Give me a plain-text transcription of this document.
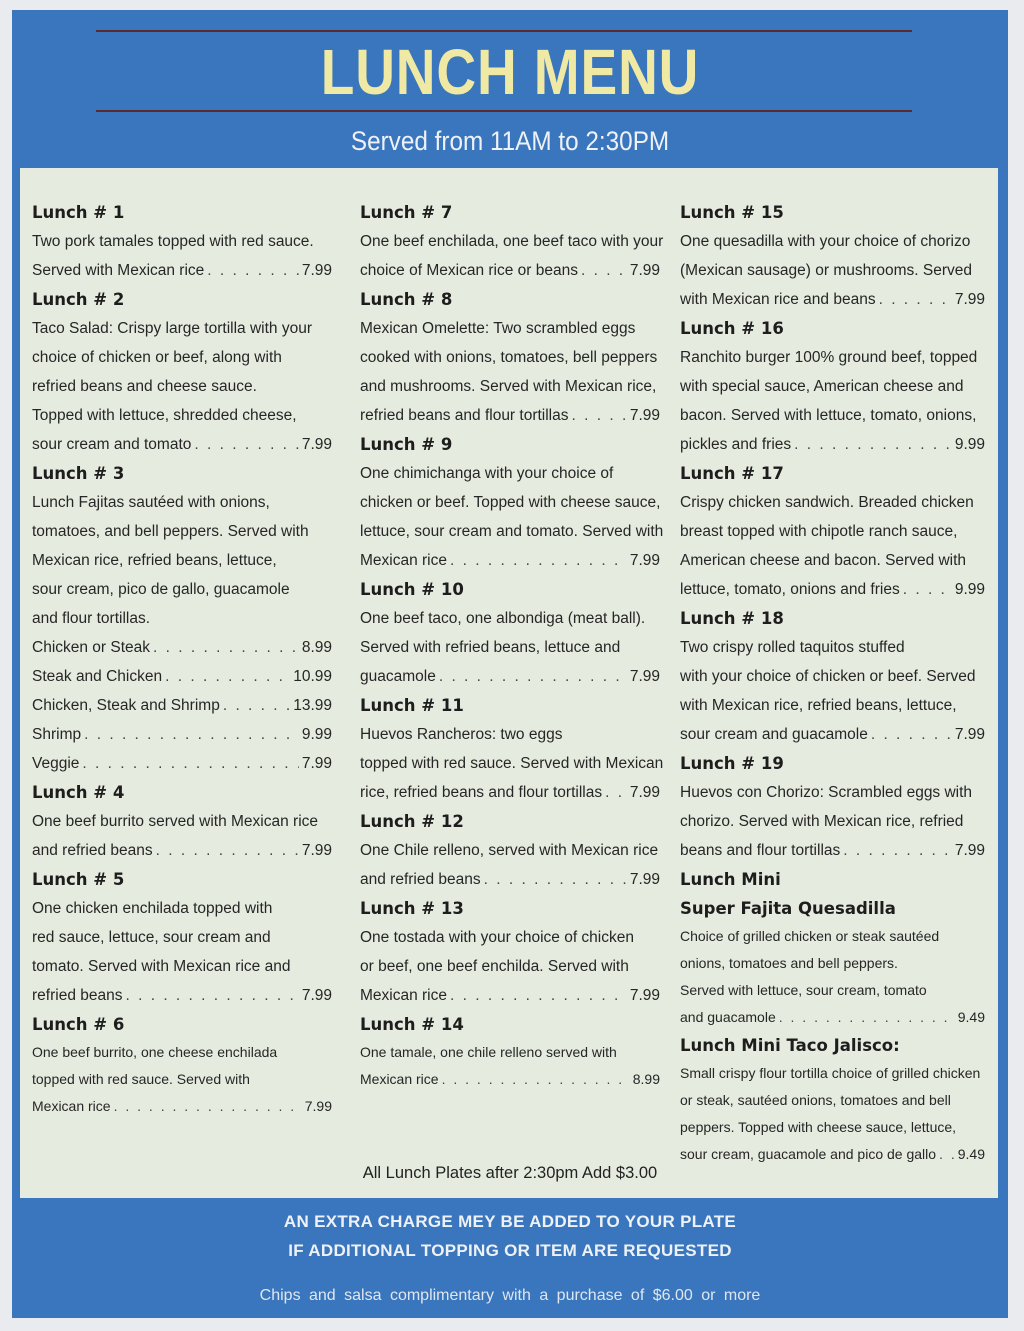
LUNCH MENU
Served from 11AM to 2:30PM
Lunch # 1
Two pork tamales topped with red sauce.
Served with Mexican rice . . .	7.99
Lunch # 2
Taco Salad: Crispy large tortilla with your
choice of chicken or beef, along with
refried beans and cheese sauce.
Topped with lettuce, shredded cheese,
sour cream and tomato . . .	7.99
Lunch # 3
Lunch Fajitas sautéed with onions,
tomatoes, and bell peppers. Served with
Mexican rice, refried beans, lettuce,
sour cream, pico de gallo, guacamole
and flour tortillas.
Chicken or Steak . . .	8.99
Steak and Chicken . . .	10.99
Chicken, Steak and Shrimp . . .	13.99
Shrimp . . .	9.99
Veggie . . .	7.99
Lunch # 4
One beef burrito served with Mexican rice
and refried beans . . .	7.99
Lunch # 5
One chicken enchilada topped with
red sauce, lettuce, sour cream and
tomato. Served with Mexican rice and
refried beans . . .	7.99
Lunch # 6
One beef burrito, one cheese enchilada
topped with red sauce. Served with
Mexican rice . . .	7.99
Lunch # 7
One beef enchilada, one beef taco with your
choice of Mexican rice or beans . . .	7.99
Lunch # 8
Mexican Omelette: Two scrambled eggs
cooked with onions, tomatoes, bell peppers
and mushrooms. Served with Mexican rice,
refried beans and flour tortillas . . .	7.99
Lunch # 9
One chimichanga with your choice of
chicken or beef. Topped with cheese sauce,
lettuce, sour cream and tomato. Served with
Mexican rice . . .	7.99
Lunch # 10
One beef taco, one albondiga (meat ball).
Served with refried beans, lettuce and
guacamole . . .	7.99
Lunch # 11
Huevos Rancheros: two eggs
topped with red sauce. Served with Mexican
rice, refried beans and flour tortillas . . . 7.99
Lunch # 12
One Chile relleno, served with Mexican rice
and refried beans . . .	7.99
Lunch # 13
One tostada with your choice of chicken
or beef, one beef enchilda. Served with
Mexican rice . . .	7.99
Lunch # 14
One tamale, one chile relleno served with
Mexican rice . . .	8.99
Lunch # 15
One quesadilla with your choice of chorizo
(Mexican sausage) or mushrooms. Served
with Mexican rice and beans . . .	7.99
Lunch # 16
Ranchito burger 100% ground beef, topped
with special sauce, American cheese and
bacon. Served with lettuce, tomato, onions,
pickles and fries . . .	9.99
Lunch # 17
Crispy chicken sandwich. Breaded chicken
breast topped with chipotle ranch sauce,
American cheese and bacon. Served with
lettuce, tomato, onions and fries . . .	9.99
Lunch # 18
Two crispy rolled taquitos stuffed
with your choice of chicken or beef. Served
with Mexican rice, refried beans, lettuce,
sour cream and guacamole . . .	7.99
Lunch # 19
Huevos con Chorizo: Scrambled eggs with
chorizo. Served with Mexican rice, refried
beans and flour tortillas . . .	7.99
Lunch Mini
Super Fajita Quesadilla
Choice of grilled chicken or steak sautéed
onions, tomatoes and bell peppers.
Served with lettuce, sour cream, tomato
and guacamole . . .	9.49
Lunch Mini Taco Jalisco:
Small crispy flour tortilla choice of grilled chicken
or steak, sautéed onions, tomatoes and bell
peppers. Topped with cheese sauce, lettuce,
sour cream, guacamole and pico de gallo . . . 9.49
All Lunch Plates after 2:30pm Add $3.00
AN EXTRA CHARGE MEY BE ADDED TO YOUR PLATE
IF ADDITIONAL TOPPING OR ITEM ARE REQUESTED
Chips and salsa complimentary with a purchase of $6.00 or more
